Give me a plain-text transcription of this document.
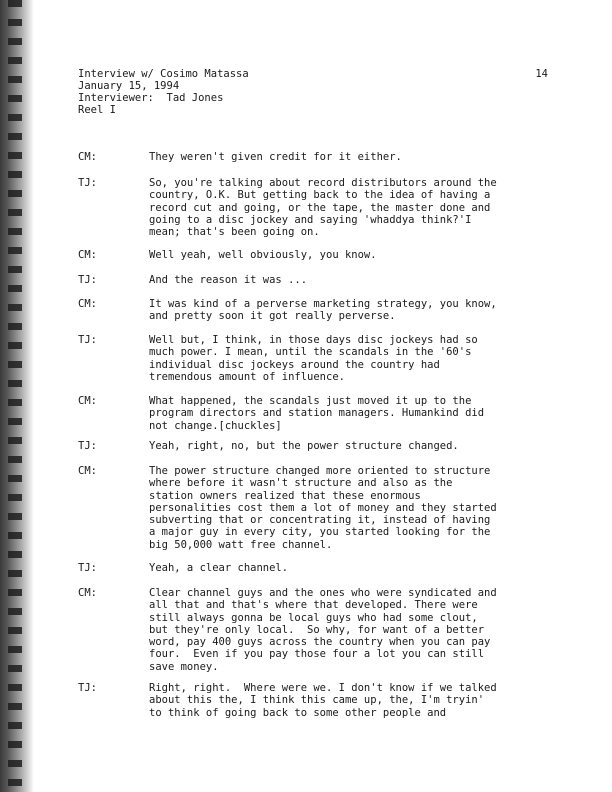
Interview w/ Cosimo Matassa	14
January 15, 1994
Interviewer:  Tad Jones
Reel I
CM:	They weren't given credit for it either.
TJ:	So, you're talking about record distributors around the
country, O.K. But getting back to the idea of having a
record cut and going, or the tape, the master done and
going to a disc jockey and saying 'whaddya think?'I
mean; that's been going on.
CM:	Well yeah, well obviously, you know.
TJ:	And the reason it was ...
CM:	It was kind of a perverse marketing strategy, you know,
and pretty soon it got really perverse.
TJ:	Well but, I think, in those days disc jockeys had so
much power. I mean, until the scandals in the '60's
individual disc jockeys around the country had
tremendous amount of influence.
CM:	What happened, the scandals just moved it up to the
program directors and station managers. Humankind did
not change.[chuckles]
TJ:	Yeah, right, no, but the power structure changed.
CM:	The power structure changed more oriented to structure
where before it wasn't structure and also as the
station owners realized that these enormous
personalities cost them a lot of money and they started
subverting that or concentrating it, instead of having
a major guy in every city, you started looking for the
big 50,000 watt free channel.
TJ:	Yeah, a clear channel.
CM:	Clear channel guys and the ones who were syndicated and
all that and that's where that developed. There were
still always gonna be local guys who had some clout,
but they're only local.  So why, for want of a better
word, pay 400 guys across the country when you can pay
four.  Even if you pay those four a lot you can still
save money.
TJ:	Right, right.  Where were we. I don't know if we talked
about this the, I think this came up, the, I'm tryin'
to think of going back to some other people and
